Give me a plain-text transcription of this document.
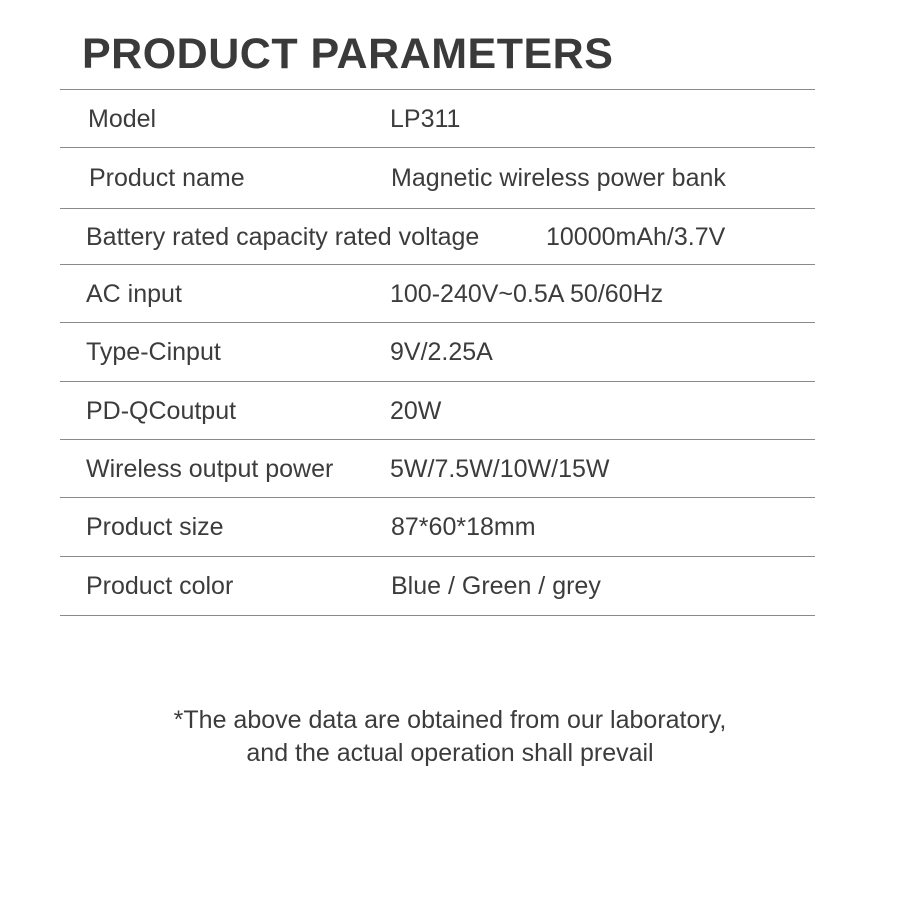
PRODUCT PARAMETERS
Model	LP311
Product name	Magnetic wireless power bank
Battery rated capacity rated voltage	10000mAh/3.7V
AC input	100-240V~0.5A 50/60Hz
Type-Cinput	9V/2.25A
PD-QCoutput	20W
Wireless output power 5W/7.5W/10W/15W
Product size	87*60*18mm
Product color	Blue / Green / grey
*The above data are obtained from our laboratory,
and the actual operation shall prevail
